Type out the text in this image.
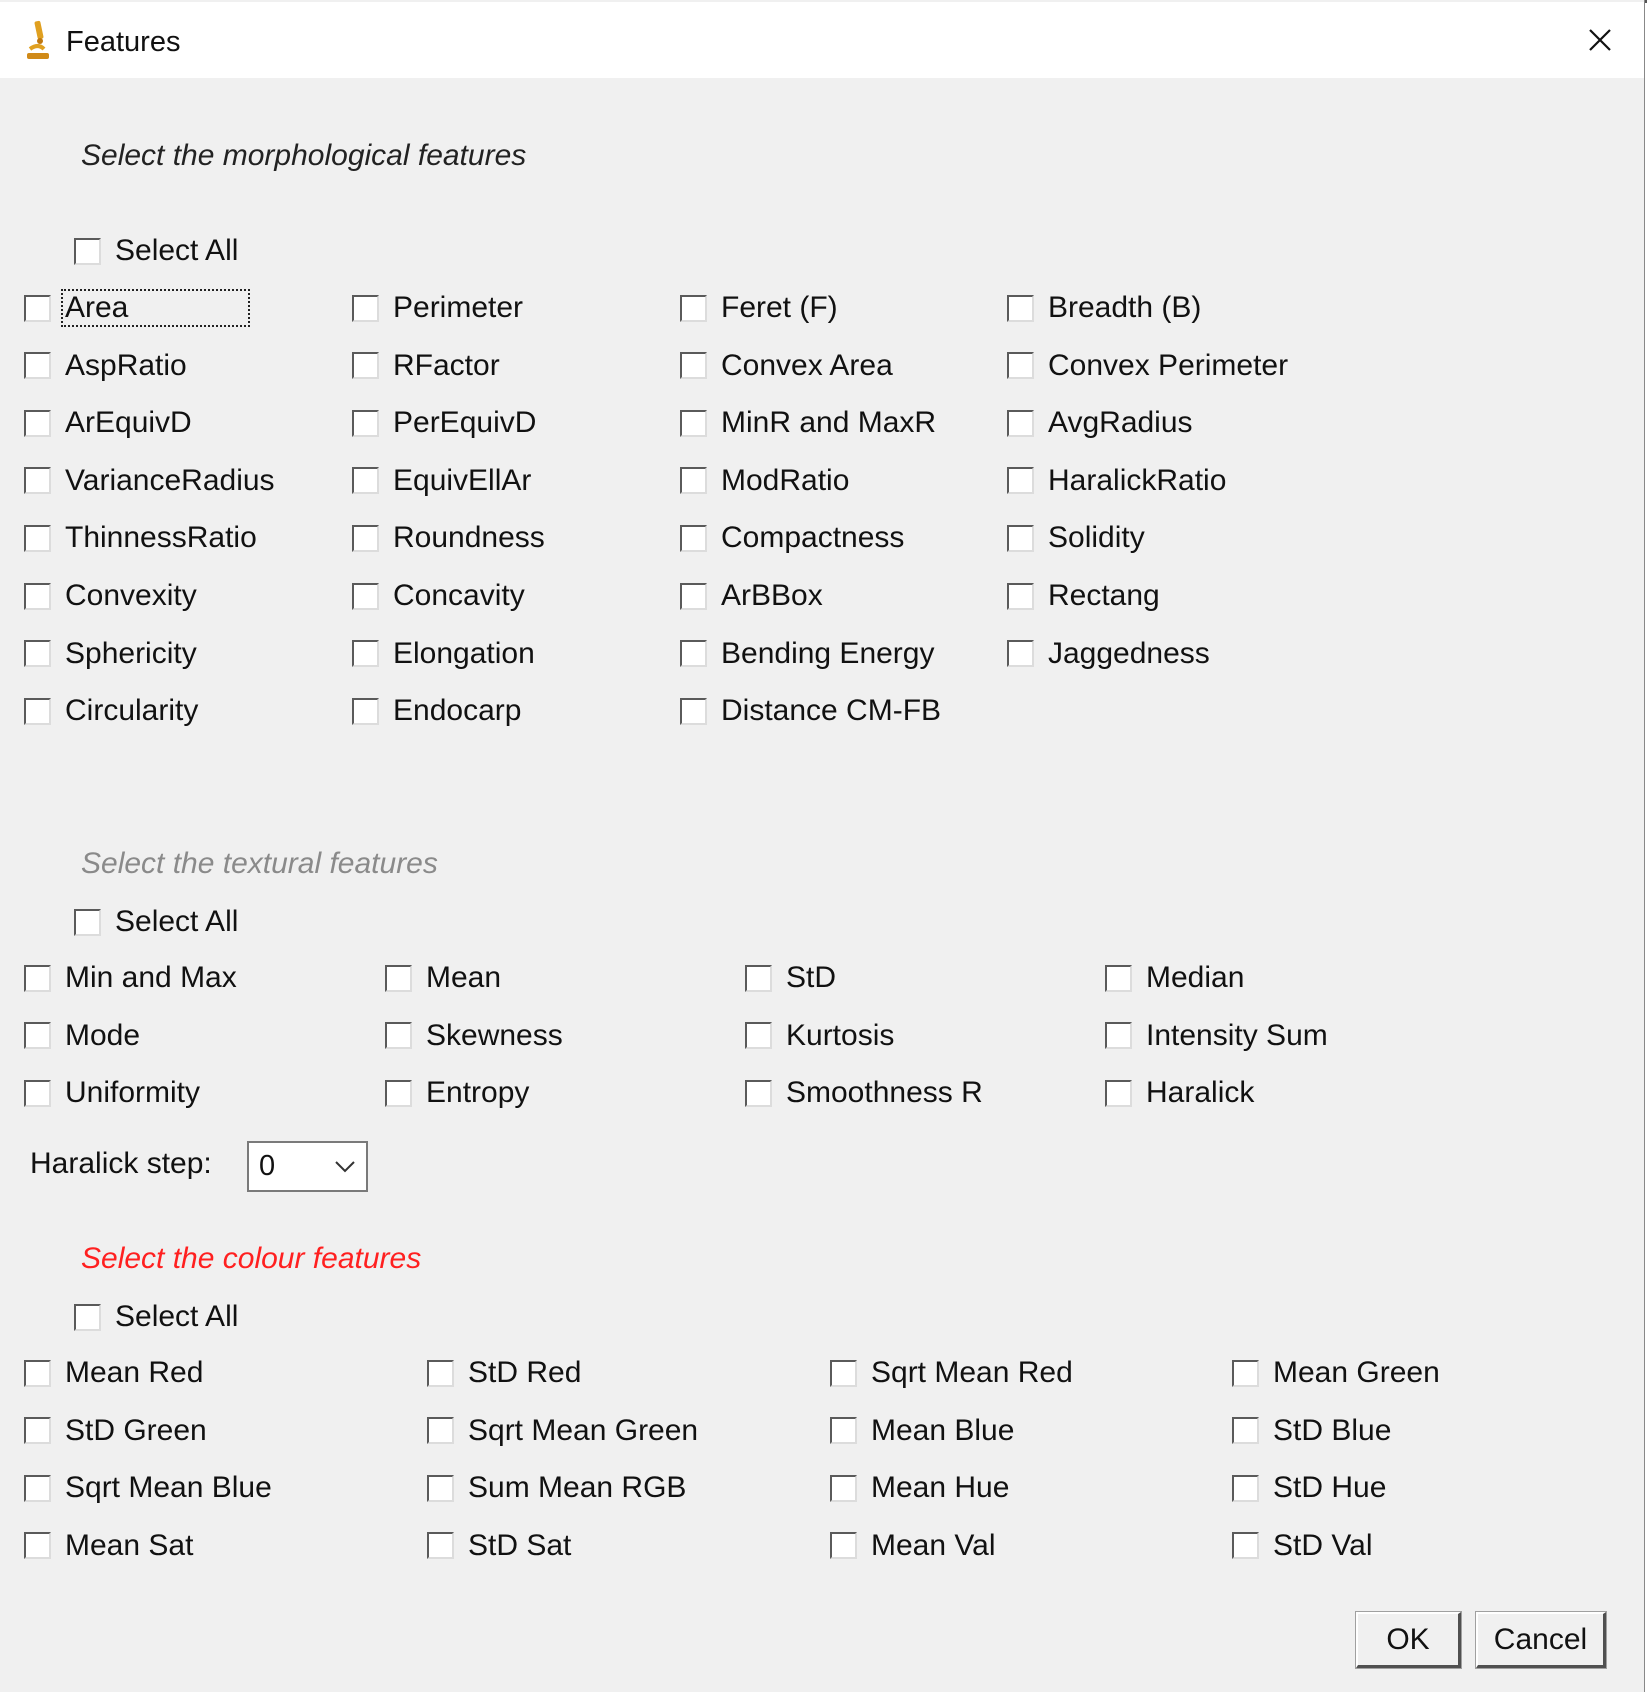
Features
Select the morphological features
Select All
Area	Perimeter	Feret (F)	Breadth (B)
AspRatio	RFactor	Convex Area	Convex Perimeter
ArEquivD	PerEquivD	MinR and MaxR	AvgRadius
VarianceRadius	EquivEllAr	ModRatio	HaralickRatio
ThinnessRatio	Roundness	Compactness	Solidity
Convexity	Concavity	ArBBox	Rectang
Sphericity	Elongation	Bending Energy	Jaggedness
Circularity	Endocarp	Distance CM-FB
Select the textural features
Select All
Min and Max	Mean	StD	Median
Mode	Skewness	Kurtosis	Intensity Sum
Uniformity	Entropy	Smoothness R	Haralick
Haralick step:	0
Select the colour features
Select All
Mean Red	StD Red	Sqrt Mean Red	Mean Green
StD Green	Sqrt Mean Green	Mean Blue	StD Blue
Sqrt Mean Blue	Sum Mean RGB	Mean Hue	StD Hue
Mean Sat	StD Sat	Mean Val	StD Val
OK	Cancel
